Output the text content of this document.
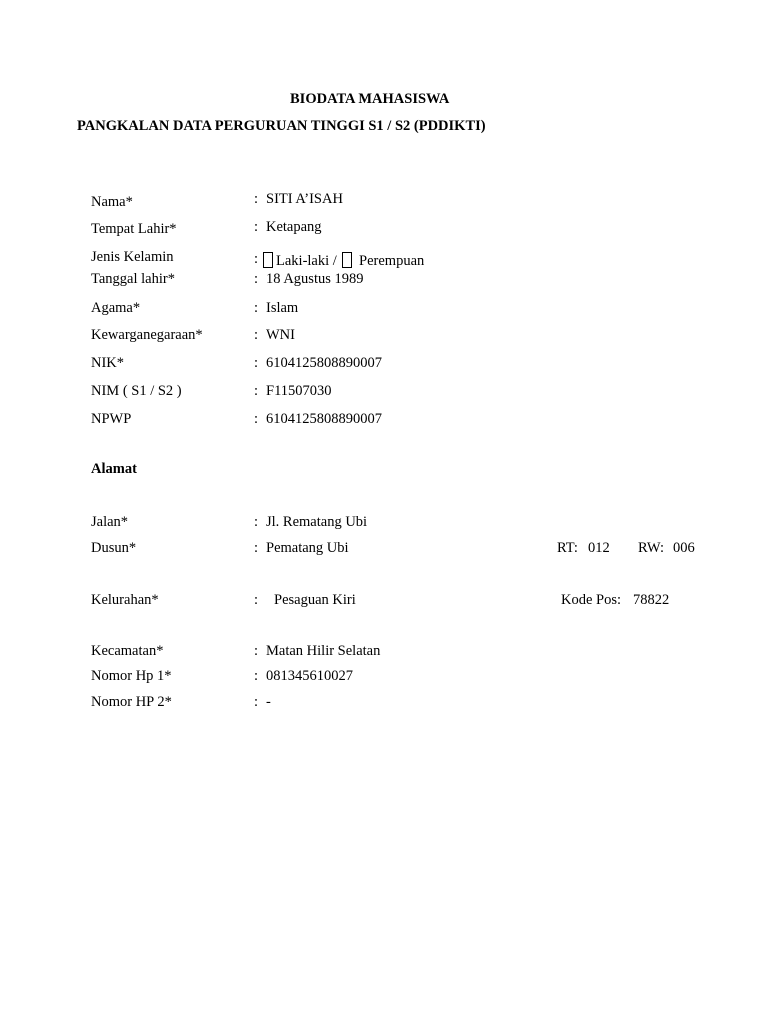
BIODATA MAHASISWA
PANGKALAN DATA PERGURUAN TINGGI S1 / S2 (PDDIKTI)
Nama*	: SITI A’ISAH
Tempat Lahir*	: Ketapang
Jenis Kelamin	:	Laki-laki / Perempuan
Tanggal lahir*	: 18 Agustus 1989
Agama*	: Islam
Kewarganegaraan*	: WNI
NIK*	: 6104125808890007
NIM ( S1 / S2 )	: F11507030
NPWP	: 6104125808890007
Alamat
Jalan*	: Jl. Rematang Ubi
Dusun*	: Pematang Ubi	RT: 012 RW: 006
Kelurahan*	: Pesaguan Kiri	Kode Pos: 78822
Kecamatan*	: Matan Hilir Selatan
Nomor Hp 1*	: 081345610027
Nomor HP 2*	: -
